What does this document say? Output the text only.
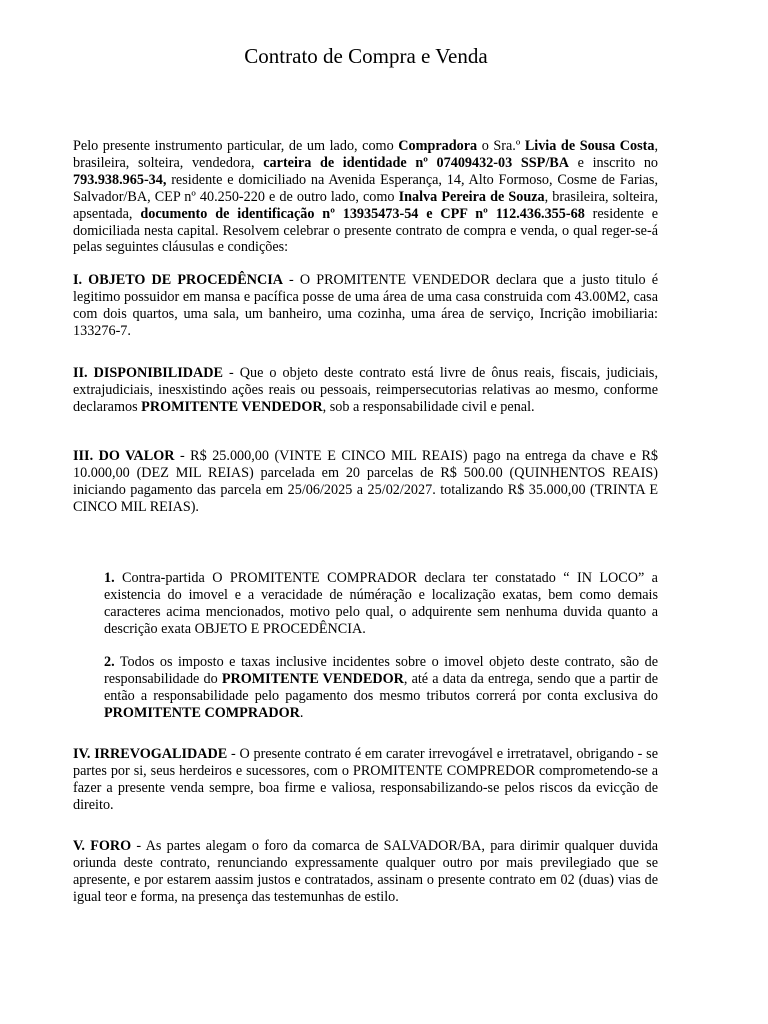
Contrato de Compra e Venda

Pelo presente instrumento particular, de um lado, como Compradora o Sra.º Livia de Sousa Costa, brasileira, solteira, vendedora, carteira de identidade nº 07409432-03 SSP/BA e inscrito no 793.938.965-34, residente e domiciliado na Avenida Esperança, 14, Alto Formoso, Cosme de Farias, Salvador/BA, CEP nº 40.250-220 e de outro lado, como Inalva Pereira de Souza, brasileira, solteira, apsentada, documento de identificação nº 13935473-54 e CPF nº 112.436.355-68 residente e domiciliada nesta capital. Resolvem celebrar o presente contrato de compra e venda, o qual reger-se-á pelas seguintes cláusulas e condições:

I. OBJETO DE PROCEDÊNCIA - O PROMITENTE VENDEDOR declara que a justo titulo é legitimo possuidor em mansa e pacífica posse de uma área de uma casa construida com 43.00M2, casa com dois quartos, uma sala, um banheiro, uma cozinha, uma área de serviço, Incrição imobiliaria: 133276-7.

II. DISPONIBILIDADE - Que o objeto deste contrato está livre de ônus reais, fiscais, judiciais, extrajudiciais, inesxistindo ações reais ou pessoais, reimpersecutorias relativas ao mesmo, conforme declaramos PROMITENTE VENDEDOR, sob a responsabilidade civil e penal.

III. DO VALOR - R$ 25.000,00 (VINTE E CINCO MIL REAIS) pago na entrega da chave e R$ 10.000,00 (DEZ MIL REIAS) parcelada em 20 parcelas de R$ 500.00 (QUINHENTOS REAIS) iniciando pagamento das parcela em 25/06/2025 a 25/02/2027. totalizando R$ 35.000,00 (TRINTA E CINCO MIL REIAS).

1. Contra-partida O PROMITENTE COMPRADOR declara ter constatado “ IN LOCO” a existencia do imovel e a veracidade de núméração e localização exatas, bem como demais caracteres acima mencionados, motivo pelo qual, o adquirente sem nenhuma duvida quanto a descrição exata OBJETO E PROCEDÊNCIA.

2. Todos os imposto e taxas inclusive incidentes sobre o imovel objeto deste contrato, são de responsabilidade do PROMITENTE VENDEDOR, até a data da entrega, sendo que a partir de então a responsabilidade pelo pagamento dos mesmo tributos correrá por conta exclusiva do PROMITENTE COMPRADOR.

IV. IRREVOGALIDADE - O presente contrato é em carater irrevogável e irretratavel, obrigando - se partes por si, seus herdeiros e sucessores, com o PROMITENTE COMPREDOR comprometendo-se a fazer a presente venda sempre, boa firme e valiosa, responsabilizando-se pelos riscos da evicção de direito.

V. FORO - As partes alegam o foro da comarca de SALVADOR/BA, para dirimir qualquer duvida oriunda deste contrato, renunciando expressamente qualquer outro por mais previlegiado que se apresente, e por estarem aassim justos e contratados, assinam o presente contrato em 02 (duas) vias de igual teor e forma, na presença das testemunhas de estilo.
